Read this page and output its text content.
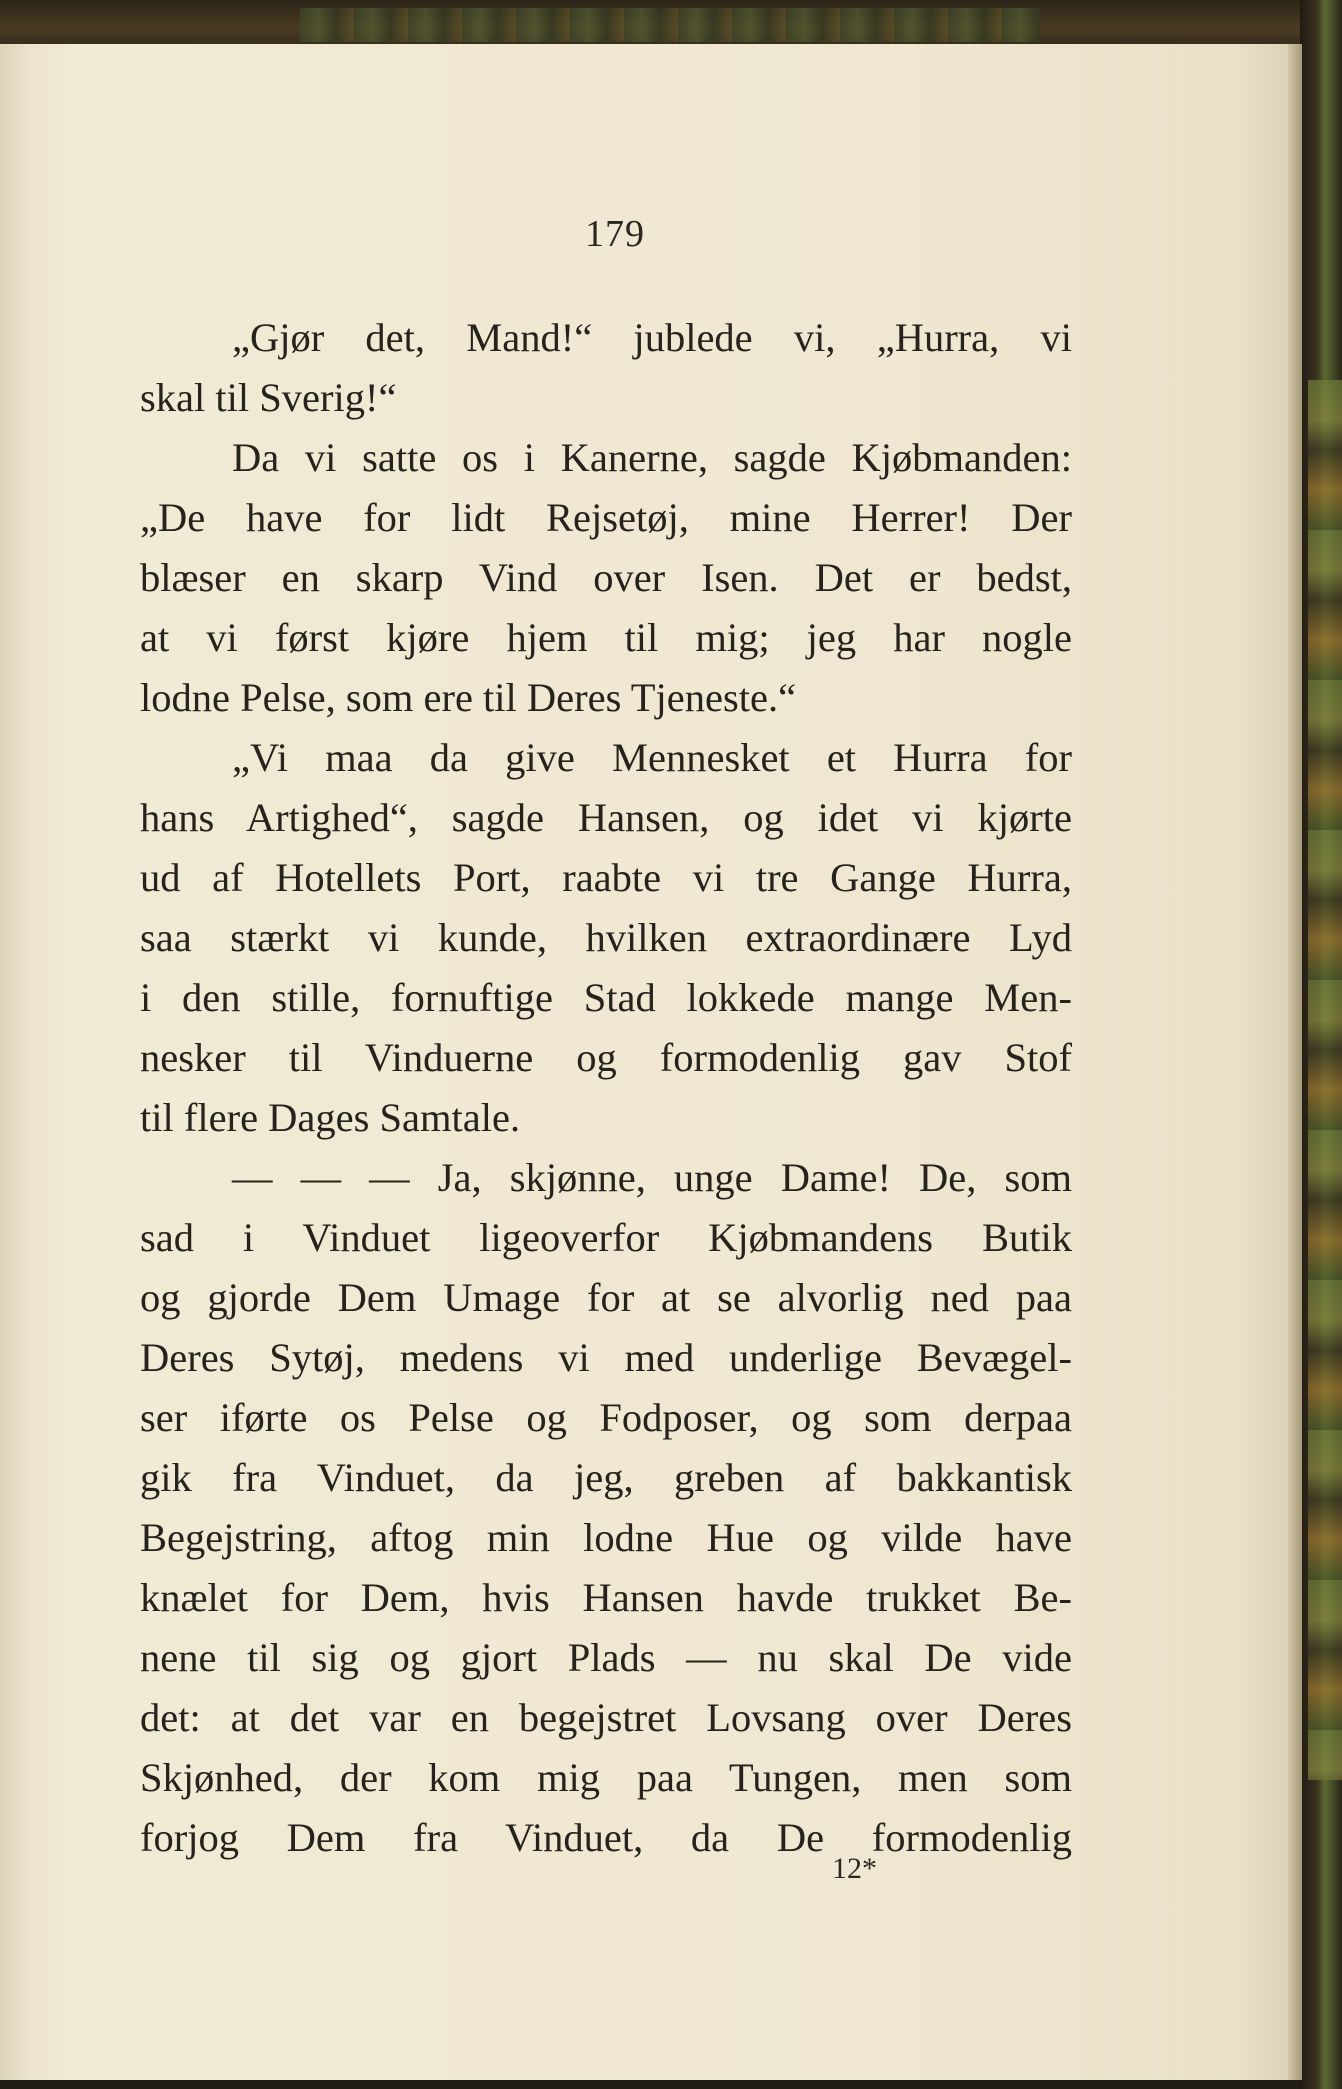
179
„Gjør det, Mand!“ jublede vi, „Hurra, vi
skal til Sverig!“
Da vi satte os i Kanerne, sagde Kjøbmanden:
„De have for lidt Rejsetøj, mine Herrer! Der
blæser en skarp Vind over Isen. Det er bedst,
at vi først kjøre hjem til mig; jeg har nogle
lodne Pelse, som ere til Deres Tjeneste.“
„Vi maa da give Mennesket et Hurra for
hans Artighed“, sagde Hansen, og idet vi kjørte
ud af Hotellets Port, raabte vi tre Gange Hurra,
saa stærkt vi kunde, hvilken extraordinære Lyd
i den stille, fornuftige Stad lokkede mange Men-
nesker til Vinduerne og formodenlig gav Stof
til flere Dages Samtale.
— — — Ja, skjønne, unge Dame! De, som
sad i Vinduet ligeoverfor Kjøbmandens Butik
og gjorde Dem Umage for at se alvorlig ned paa
Deres Sytøj, medens vi med underlige Bevægel-
ser iførte os Pelse og Fodposer, og som derpaa
gik fra Vinduet, da jeg, greben af bakkantisk
Begejstring, aftog min lodne Hue og vilde have
knælet for Dem, hvis Hansen havde trukket Be-
nene til sig og gjort Plads — nu skal De vide
det: at det var en begejstret Lovsang over Deres
Skjønhed, der kom mig paa Tungen, men som
forjog Dem fra Vinduet, da De formodenlig
12*
